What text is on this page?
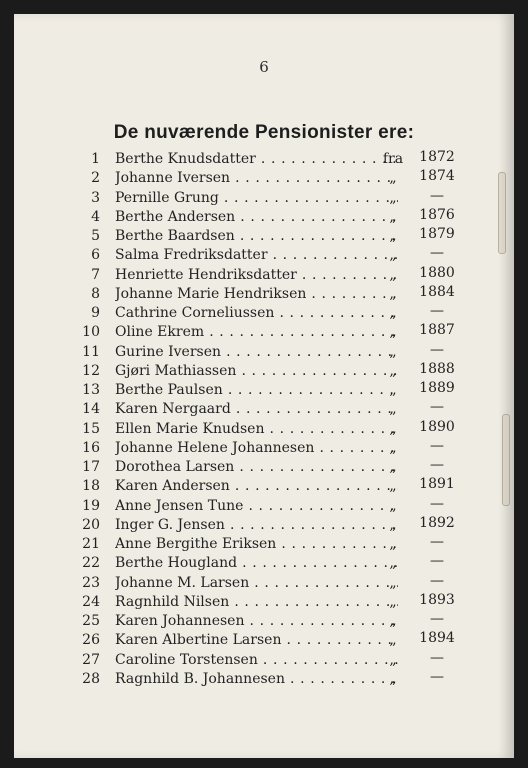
6
De nuværende Pensionister ere:
1 Berthe Knudsdatter . . .	fra	1872
2 Johanne Iversen . . .	„	1874
3 Pernille Grung . . .	„	—
4 Berthe Andersen . . .	„	1876
5 Berthe Baardsen . . .	„	1879
6 Salma Fredriksdatter . . .	„	—
7 Henriette Hendriksdatter . . .	„	1880
8 Johanne Marie Hendriksen . . .	„	1884
9 Cathrine Corneliussen . . .	„	—
10 Oline Ekrem . . .	„	1887
11 Gurine Iversen . . .	„	—
12 Gjøri Mathiassen . . .	„	1888
13 Berthe Paulsen . . .	„	1889
14 Karen Nergaard . . .	„	—
15 Ellen Marie Knudsen . . .	„	1890
16 Johanne Helene Johannesen . . .	„	—
17 Dorothea Larsen . . .	„	—
18 Karen Andersen . . .	„	1891
19 Anne Jensen Tune . . .	„	—
20 Inger G. Jensen . . .	„	1892
21 Anne Bergithe Eriksen . . .	„	—
22 Berthe Hougland . . .	„	—
23 Johanne M. Larsen . . .	„	—
24 Ragnhild Nilsen . . .	„	1893
25 Karen Johannesen . . .	„	—
26 Karen Albertine Larsen . . .	„	1894
27 Caroline Torstensen . . .	„	—
28 Ragnhild B. Johannesen . . .	„	—
